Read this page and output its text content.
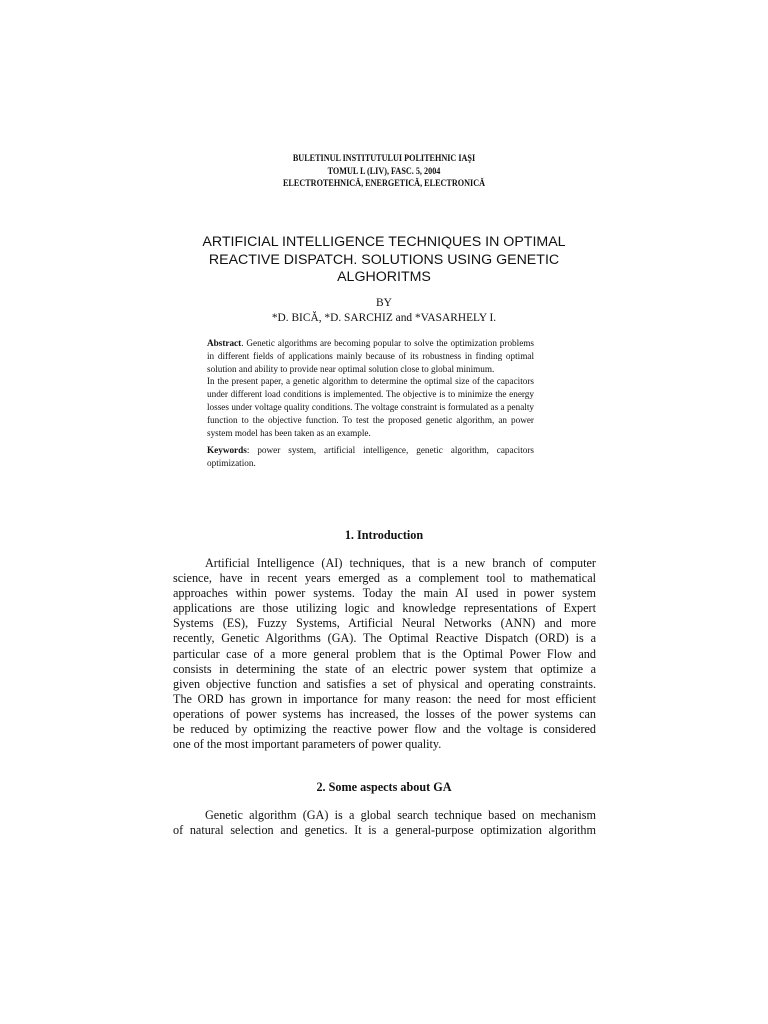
BULETINUL INSTITUTULUI POLITEHNIC IAŞI
TOMUL L (LIV), FASC. 5, 2004
ELECTROTEHNICĂ, ENERGETICĂ, ELECTRONICĂ
ARTIFICIAL INTELLIGENCE TECHNIQUES IN OPTIMAL
REACTIVE DISPATCH. SOLUTIONS USING GENETIC
ALGHORITMS
BY
*D. BICĂ, *D. SARCHIZ and *VASARHELY I.

Abstract. Genetic algorithms are becoming popular to solve the optimization problems in different fields of applications mainly because of its robustness in finding optimal solution and ability to provide near optimal solution close to global minimum.

In the present paper, a genetic algorithm to determine the optimal size of the capacitors under different load conditions is implemented. The objective is to minimize the energy losses under voltage quality conditions. The voltage constraint is formulated as a penalty function to the objective function. To test the proposed genetic algorithm, an power system model has been taken as an example.

Keywords: power system, artificial intelligence, genetic algorithm, capacitors optimization.

1. Introduction
Artificial Intelligence (AI) techniques, that is a new branch of computer
science, have in recent years emerged as a complement tool to mathematical
approaches within power systems. Today the main AI used in power system
applications are those utilizing logic and knowledge representations of Expert
Systems (ES), Fuzzy Systems, Artificial Neural Networks (ANN) and more
recently, Genetic Algorithms (GA). The Optimal Reactive Dispatch (ORD) is a
particular case of a more general problem that is the Optimal Power Flow and
consists in determining the state of an electric power system that optimize a
given objective function and satisfies a set of physical and operating constraints.
The ORD has grown in importance for many reason: the need for most efficient
operations of power systems has increased, the losses of the power systems can
be reduced by optimizing the reactive power flow and the voltage is considered
one of the most important parameters of power quality.
2. Some aspects about GA
Genetic algorithm (GA) is a global search technique based on mechanism
of natural selection and genetics. It is a general-purpose optimization algorithm
